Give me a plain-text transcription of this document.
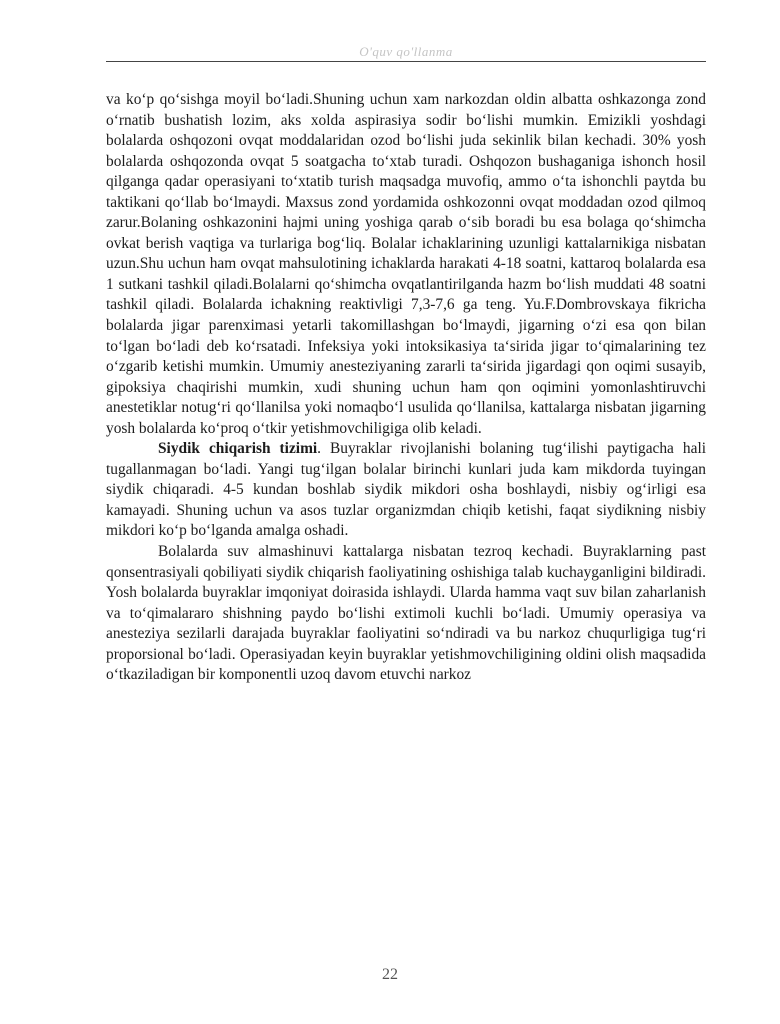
O'quv qo'llanma

va ko‘p qo‘sishga moyil bo‘ladi.Shuning uchun xam narkozdan oldin albatta oshkazonga zond o‘rnatib bushatish lozim, aks xolda aspirasiya sodir bo‘lishi mumkin. Emizikli yoshdagi bolalarda oshqozoni ovqat moddalaridan ozod bo‘lishi juda sekinlik bilan kechadi. 30% yosh bolalarda oshqozonda ovqat 5 soatgacha to‘xtab turadi. Oshqozon bushaganiga ishonch hosil qilganga qadar operasiyani to‘xtatib turish maqsadga muvofiq, ammo o‘ta ishonchli paytda bu taktikani qo‘llab bo‘lmaydi. Maxsus zond yordamida oshkozonni ovqat moddadan ozod qilmoq zarur.Bolaning oshkazonini hajmi uning yoshiga qarab o‘sib boradi bu esa bolaga qo‘shimcha ovkat berish vaqtiga va turlariga bog‘liq. Bolalar ichaklarining uzunligi kattalarnikiga nisbatan uzun.Shu uchun ham ovqat mahsulotining ichaklarda harakati 4-18 soatni, kattaroq bolalarda esa 1 sutkani tashkil qiladi.Bolalarni qo‘shimcha ovqatlantirilganda hazm bo‘lish muddati 48 soatni tashkil qiladi. Bolalarda ichakning reaktivligi 7,3-7,6 ga teng. Yu.F.Dombrovskaya fikricha bolalarda jigar parenximasi yetarli takomillashgan bo‘lmaydi, jigarning o‘zi esa qon bilan to‘lgan bo‘ladi deb ko‘rsatadi. Infeksiya yoki intoksikasiya ta‘sirida jigar to‘qimalarining tez o‘zgarib ketishi mumkin. Umumiy anesteziyaning zararli ta‘sirida jigardagi qon oqimi susayib, gipoksiya chaqirishi mumkin, xudi shuning uchun ham qon oqimini yomonlashtiruvchi anestetiklar notug‘ri qo‘llanilsa yoki nomaqbo‘l usulida qo‘llanilsa, kattalarga nisbatan jigarning yosh bolalarda ko‘proq o‘tkir yetishmovchiligiga olib keladi.

Siydik chiqarish tizimi. Buyraklar rivojlanishi bolaning tug‘ilishi paytigacha hali tugallanmagan bo‘ladi. Yangi tug‘ilgan bolalar birinchi kunlari juda kam mikdorda tuyingan siydik chiqaradi. 4-5 kundan boshlab siydik mikdori osha boshlaydi, nisbiy og‘irligi esa kamayadi. Shuning uchun va asos tuzlar organizmdan chiqib ketishi, faqat siydikning nisbiy mikdori ko‘p bo‘lganda amalga oshadi.

Bolalarda suv almashinuvi kattalarga nisbatan tezroq kechadi. Buyraklarning past qonsentrasiyali qobiliyati siydik chiqarish faoliyatining oshishiga talab kuchayganligini bildiradi. Yosh bolalarda buyraklar imqoniyat doirasida ishlaydi. Ularda hamma vaqt suv bilan zaharlanish va to‘qimalararo shishning paydo bo‘lishi extimoli kuchli bo‘ladi. Umumiy operasiya va anesteziya sezilarli darajada buyraklar faoliyatini so‘ndiradi va bu narkoz chuqurligiga tug‘ri proporsional bo‘ladi. Operasiyadan keyin buyraklar yetishmovchiligining oldini olish maqsadida o‘tkaziladigan bir komponentli uzoq davom etuvchi narkoz

22
